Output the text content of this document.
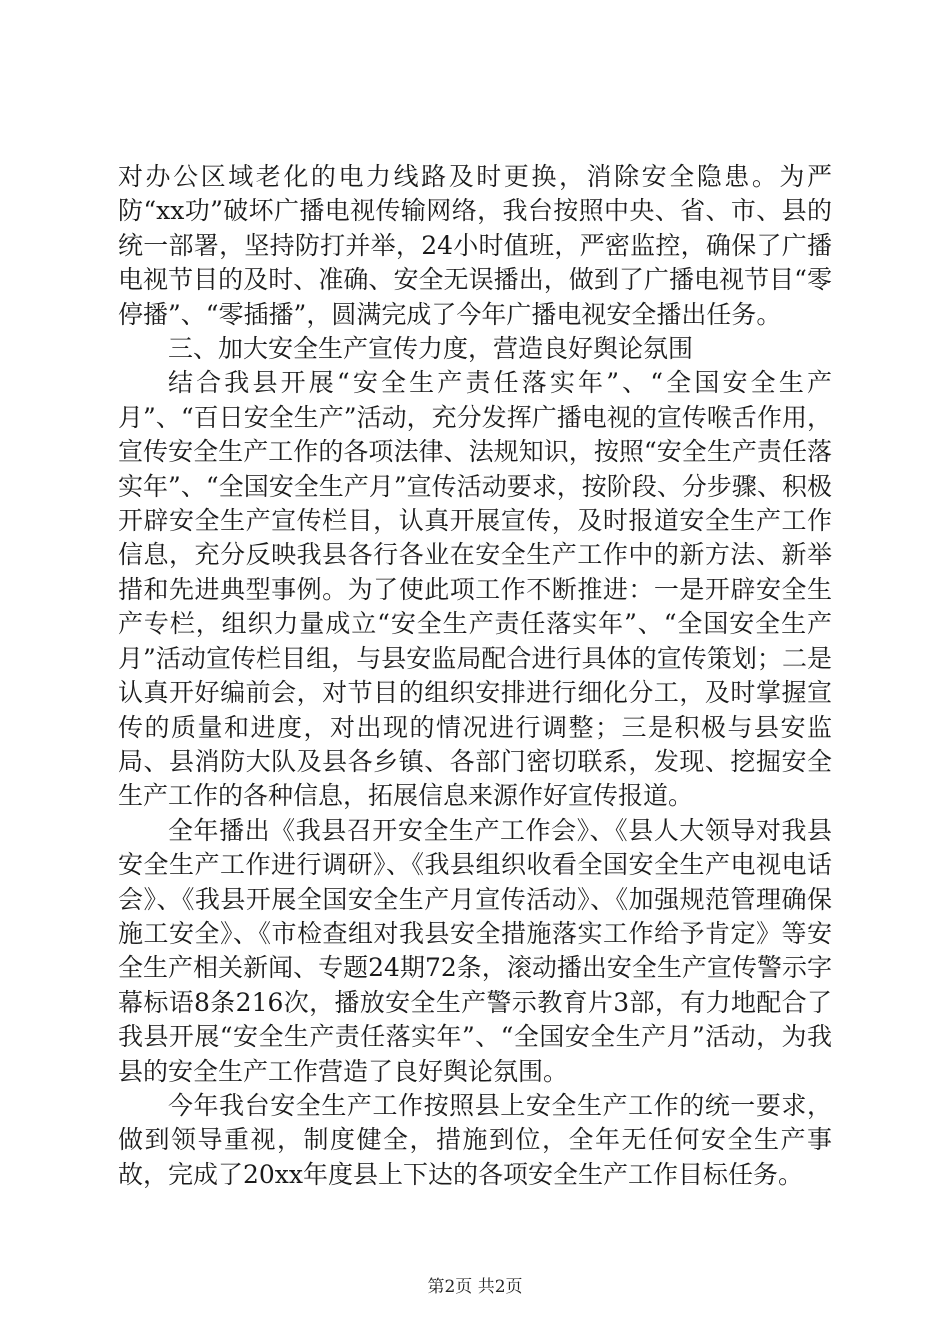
对办公区域老化的电力线路及时更换，消除安全隐患。为严防“xx功”破坏广播电视传输网络，我台按照中央、省、市、县的统一部署，坚持防打并举，24小时值班，严密监控，确保了广播电视节目的及时、准确、安全无误播出，做到了广播电视节目“零停播”、“零插播”，圆满完成了今年广播电视安全播出任务。

三、加大安全生产宣传力度，营造良好舆论氛围

结合我县开展“安全生产责任落实年”、“全国安全生产月”、“百日安全生产”活动，充分发挥广播电视的宣传喉舌作用，宣传安全生产工作的各项法律、法规知识，按照“安全生产责任落实年”、“全国安全生产月”宣传活动要求，按阶段、分步骤、积极开辟安全生产宣传栏目，认真开展宣传，及时报道安全生产工作信息，充分反映我县各行各业在安全生产工作中的新方法、新举措和先进典型事例。为了使此项工作不断推进：一是开辟安全生产专栏，组织力量成立“安全生产责任落实年”、“全国安全生产月”活动宣传栏目组，与县安监局配合进行具体的宣传策划；二是认真开好编前会，对节目的组织安排进行细化分工，及时掌握宣传的质量和进度，对出现的情况进行调整；三是积极与县安监局、县消防大队及县各乡镇、各部门密切联系，发现、挖掘安全生产工作的各种信息，拓展信息来源作好宣传报道。

全年播出《我县召开安全生产工作会》、《县人大领导对我县安全生产工作进行调研》、《我县组织收看全国安全生产电视电话会》、《我县开展全国安全生产月宣传活动》、《加强规范管理确保施工安全》、《市检查组对我县安全措施落实工作给予肯定》等安全生产相关新闻、专题24期72条，滚动播出安全生产宣传警示字幕标语8条216次，播放安全生产警示教育片3部，有力地配合了我县开展“安全生产责任落实年”、“全国安全生产月”活动，为我县的安全生产工作营造了良好舆论氛围。

今年我台安全生产工作按照县上安全生产工作的统一要求，做到领导重视，制度健全，措施到位，全年无任何安全生产事故，完成了20xx年度县上下达的各项安全生产工作目标任务。

第2页 共2页
